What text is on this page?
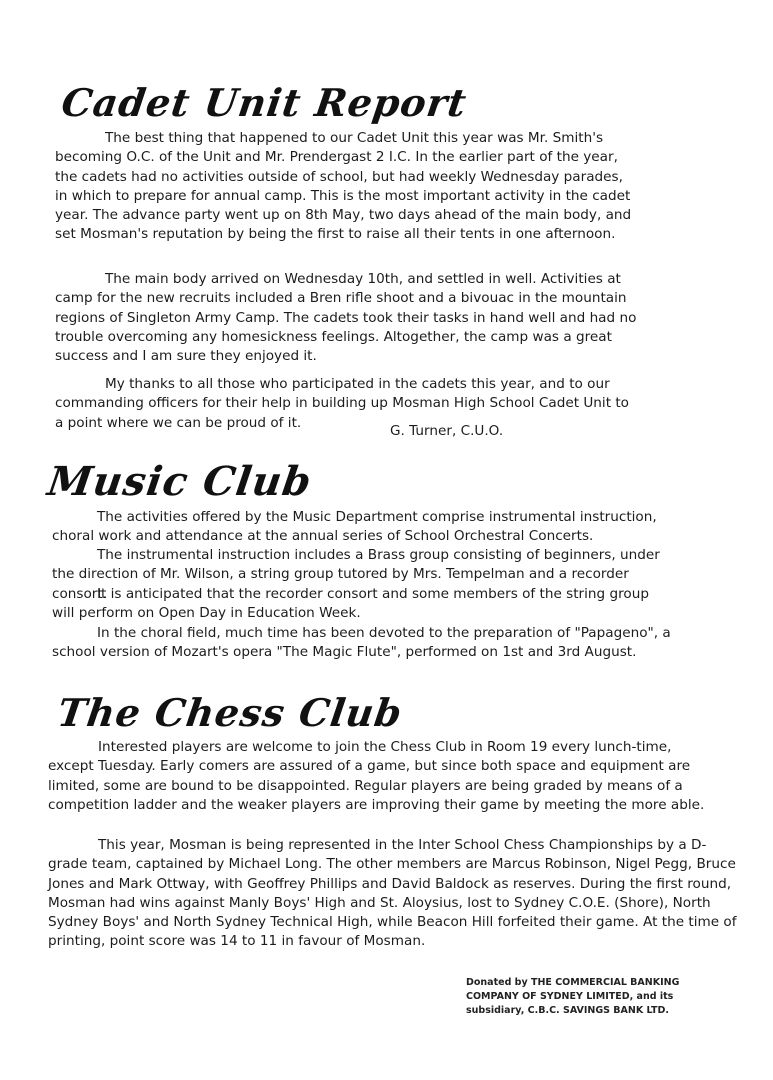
Cadet Unit Report

The best thing that happened to our Cadet Unit this year was Mr. Smith's becoming O.C. of the Unit and Mr. Prendergast 2 I.C. In the earlier part of the year, the cadets had no activities outside of school, but had weekly Wednesday parades, in which to prepare for annual camp. This is the most important activity in the cadet year. The advance party went up on 8th May, two days ahead of the main body, and set Mosman's reputation by being the first to raise all their tents in one afternoon.

The main body arrived on Wednesday 10th, and settled in well. Activities at camp for the new recruits included a Bren rifle shoot and a bivouac in the mountain regions of Singleton Army Camp. The cadets took their tasks in hand well and had no trouble overcoming any homesickness feelings. Altogether, the camp was a great success and I am sure they enjoyed it.

My thanks to all those who participated in the cadets this year, and to our commanding officers for their help in building up Mosman High School Cadet Unit to a point where we can be proud of it.

G. Turner, C.U.O.

Music Club

The activities offered by the Music Department comprise instrumental instruction, choral work and attendance at the annual series of School Orchestral Concerts.

The instrumental instruction includes a Brass group consisting of beginners, under the direction of Mr. Wilson, a string group tutored by Mrs. Tempelman and a recorder consort.

It is anticipated that the recorder consort and some members of the string group will perform on Open Day in Education Week.

In the choral field, much time has been devoted to the preparation of "Papageno", a school version of Mozart's opera "The Magic Flute", performed on 1st and 3rd August.

The Chess Club

Interested players are welcome to join the Chess Club in Room 19 every lunch-time, except Tuesday. Early comers are assured of a game, but since both space and equipment are limited, some are bound to be disappointed. Regular players are being graded by means of a competition ladder and the weaker players are improving their game by meeting the more able.

This year, Mosman is being represented in the Inter School Chess Championships by a D-grade team, captained by Michael Long. The other members are Marcus Robinson, Nigel Pegg, Bruce Jones and Mark Ottway, with Geoffrey Phillips and David Baldock as reserves. During the first round, Mosman had wins against Manly Boys' High and St. Aloysius, lost to Sydney C.O.E. (Shore), North Sydney Boys' and North Sydney Technical High, while Beacon Hill forfeited their game. At the time of printing, point score was 14 to 11 in favour of Mosman.

Donated by THE COMMERCIAL BANKING
COMPANY OF SYDNEY LIMITED, and its
subsidiary, C.B.C. SAVINGS BANK LTD.
